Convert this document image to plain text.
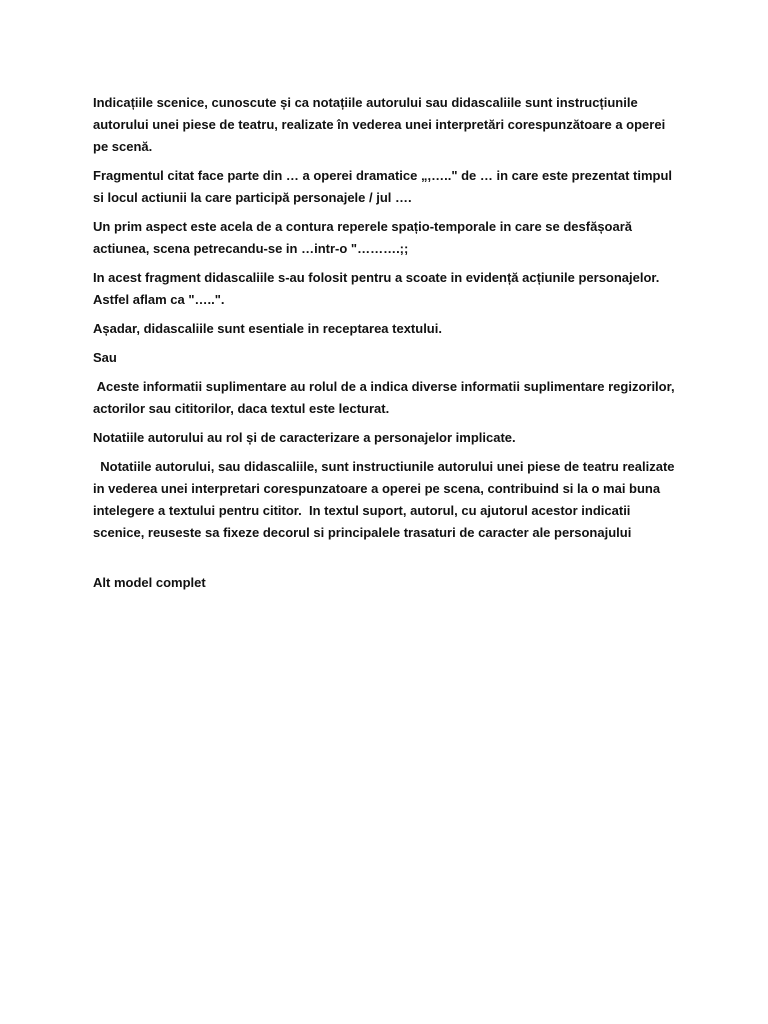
Indicațiile scenice, cunoscute și ca notațiile autorului sau didascaliile sunt instrucțiunile autorului unei piese de teatru, realizate în vederea unei interpretări corespunzătoare a operei pe scenă.

Fragmentul citat face parte din … a operei dramatice „,….." de … in care este prezentat timpul si locul actiunii la care participă personajele / jul ….

Un prim aspect este acela de a contura reperele spațio-temporale in care se desfășoară actiunea, scena petrecandu-se in …intr-o "……….;;

In acest fragment didascaliile s-au folosit pentru a scoate in evidență acțiunile personajelor. Astfel aflam ca "…..".

Așadar, didascaliile sunt esentiale in receptarea textului.

Sau

Aceste informatii suplimentare au rolul de a indica diverse informatii suplimentare regizorilor, actorilor sau cititorilor, daca textul este lecturat.

Notatiile autorului au rol și de caracterizare a personajelor implicate.

Notatiile autorului, sau didascaliile, sunt instructiunile autorului unei piese de teatru realizate in vederea unei interpretari corespunzatoare a operei pe scena, contribuind si la o mai buna intelegere a textului pentru cititor.  In textul suport, autorul, cu ajutorul acestor indicatii scenice, reuseste sa fixeze decorul si principalele trasaturi de caracter ale personajului

Alt model complet
